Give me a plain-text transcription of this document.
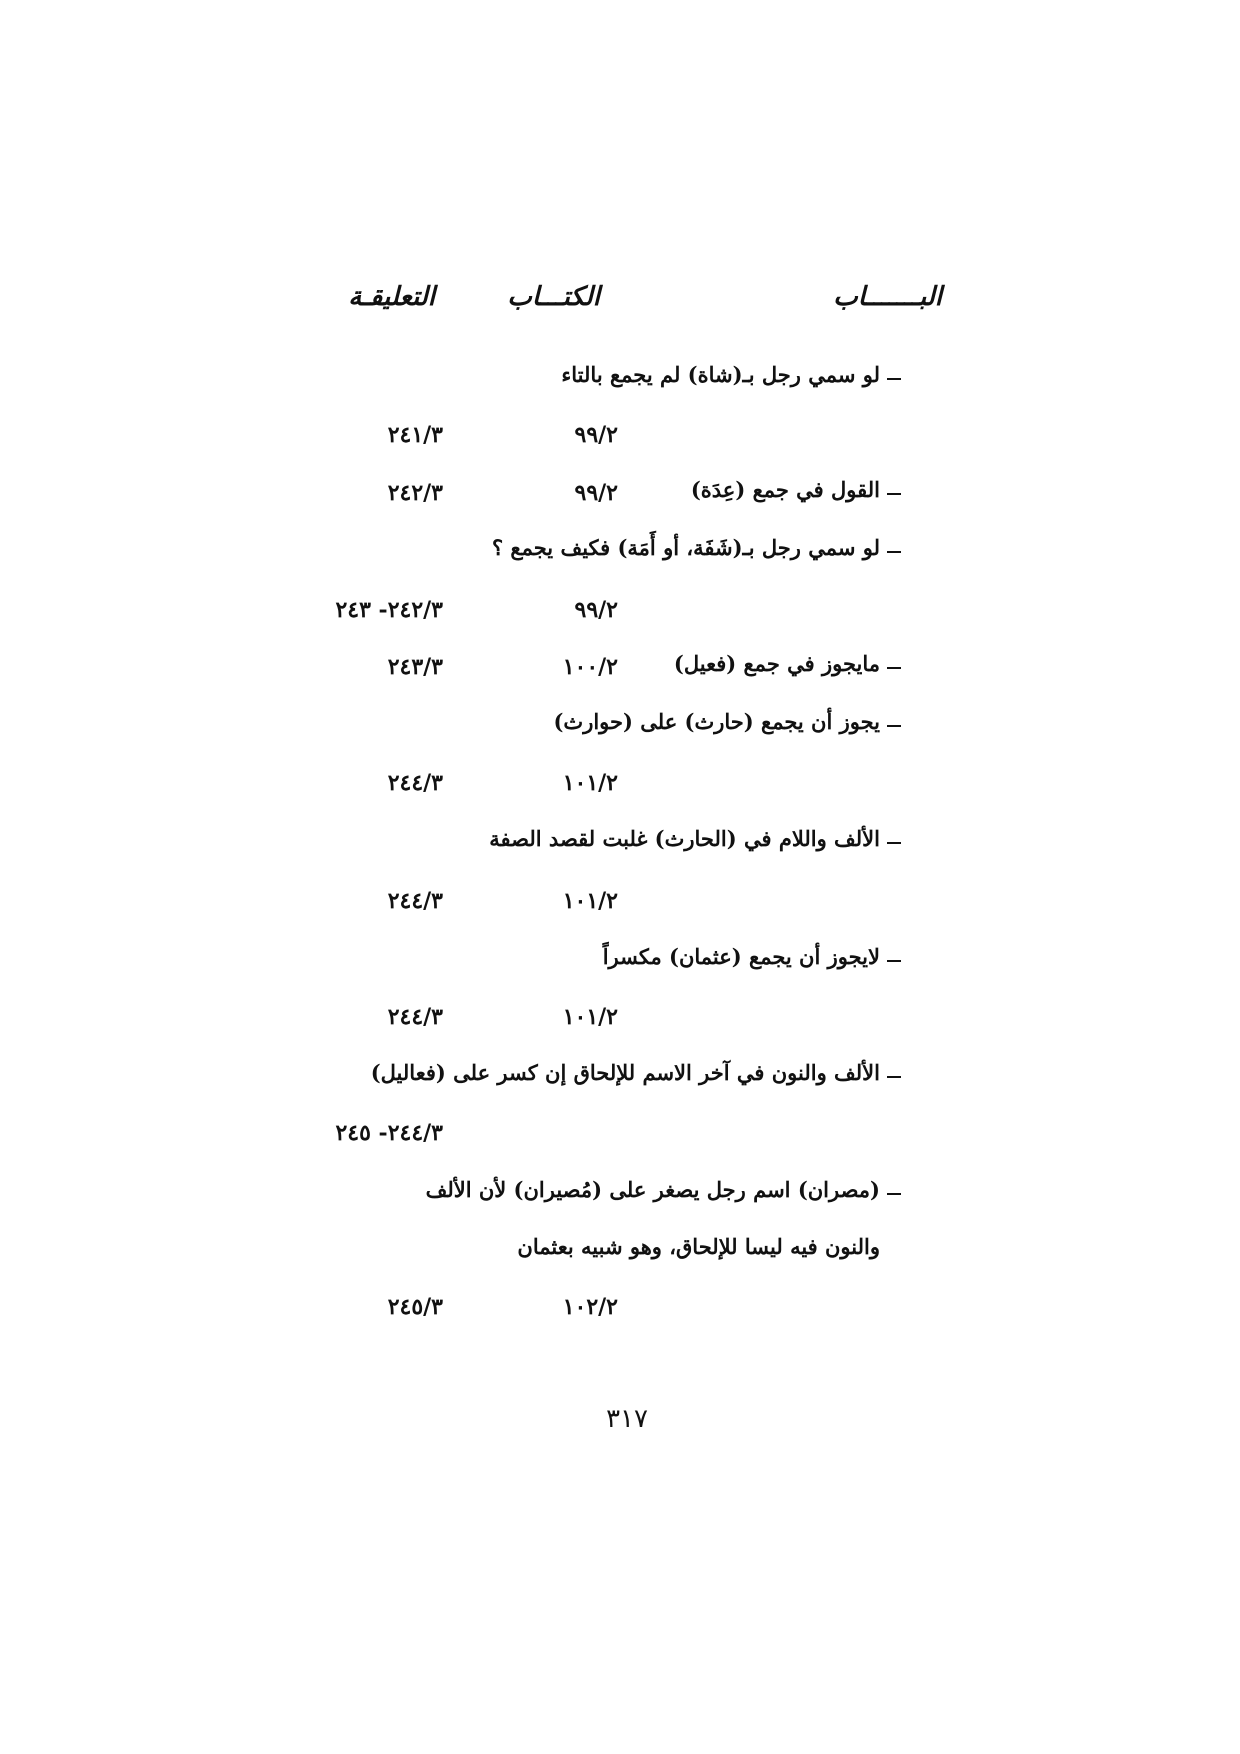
البـــــــاب
الكتـــاب
التعليقـة
لو سمي رجل بـ(شاة) لم يجمع بالتاء
٩٩/٢
٢٤١/٣
القول في جمع (عِدَة)
٩٩/٢
٢٤٢/٣
لو سمي رجل بـ(شَفَة، أو أَمَة) فكيف يجمع ؟
٩٩/٢
٢٤٢/٣- ٢٤٣
مايجوز في جمع (فعيل)
١٠٠/٢
٢٤٣/٣
يجوز أن يجمع (حارث) على (حوارث)
١٠١/٢
٢٤٤/٣
الألف واللام في (الحارث) غلبت لقصد الصفة
١٠١/٢
٢٤٤/٣
لايجوز أن يجمع (عثمان) مكسراً
١٠١/٢
٢٤٤/٣
الألف والنون في آخر الاسم للإلحاق إن كسر على (فعاليل)
٢٤٤/٣- ٢٤٥
(مصران) اسم رجل يصغر على (مُصيران) لأن الألف
والنون فيه ليسا للإلحاق، وهو شبيه بعثمان
١٠٢/٢
٢٤٥/٣
٣١٧
